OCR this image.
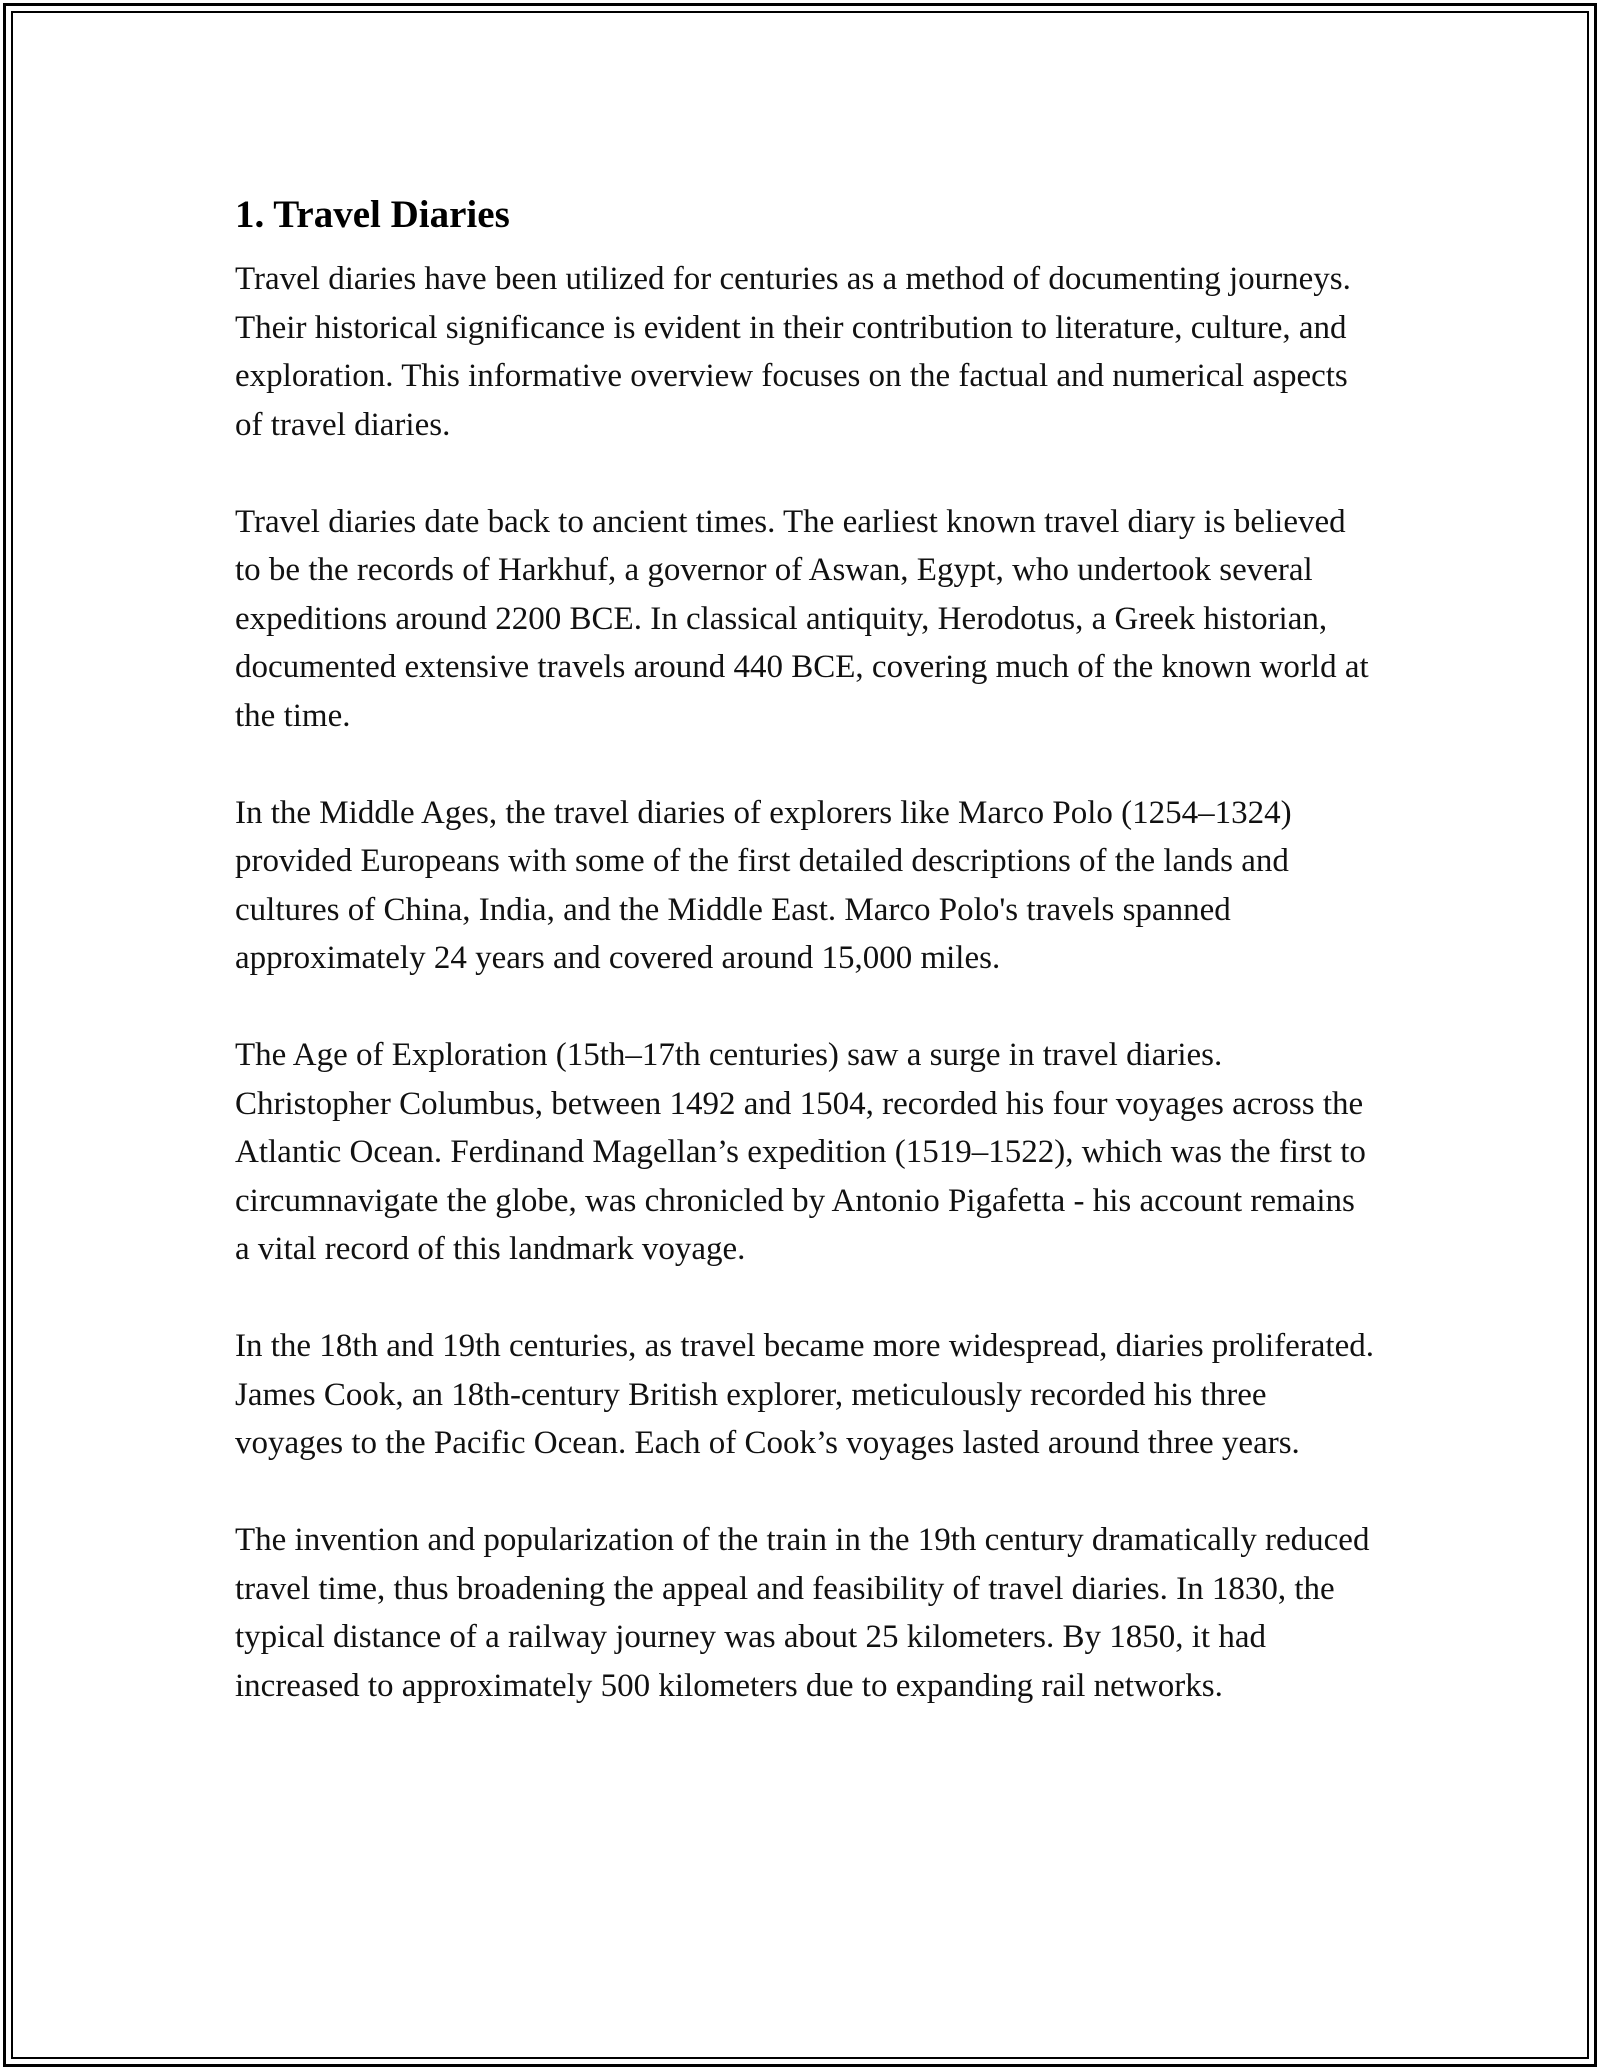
1. Travel Diaries

Travel diaries have been utilized for centuries as a method of documenting journeys. Their historical significance is evident in their contribution to literature, culture, and exploration. This informative overview focuses on the factual and numerical aspects of travel diaries.

Travel diaries date back to ancient times. The earliest known travel diary is believed to be the records of Harkhuf, a governor of Aswan, Egypt, who undertook several expeditions around 2200 BCE. In classical antiquity, Herodotus, a Greek historian, documented extensive travels around 440 BCE, covering much of the known world at the time.

In the Middle Ages, the travel diaries of explorers like Marco Polo (1254–1324) provided Europeans with some of the first detailed descriptions of the lands and cultures of China, India, and the Middle East. Marco Polo's travels spanned approximately 24 years and covered around 15,000 miles.

The Age of Exploration (15th–17th centuries) saw a surge in travel diaries. Christopher Columbus, between 1492 and 1504, recorded his four voyages across the Atlantic Ocean. Ferdinand Magellan’s expedition (1519–1522), which was the first to circumnavigate the globe, was chronicled by Antonio Pigafetta - his account remains a vital record of this landmark voyage.

In the 18th and 19th centuries, as travel became more widespread, diaries proliferated. James Cook, an 18th-century British explorer, meticulously recorded his three voyages to the Pacific Ocean. Each of Cook’s voyages lasted around three years.

The invention and popularization of the train in the 19th century dramatically reduced travel time, thus broadening the appeal and feasibility of travel diaries. In 1830, the typical distance of a railway journey was about 25 kilometers. By 1850, it had increased to approximately 500 kilometers due to expanding rail networks.
